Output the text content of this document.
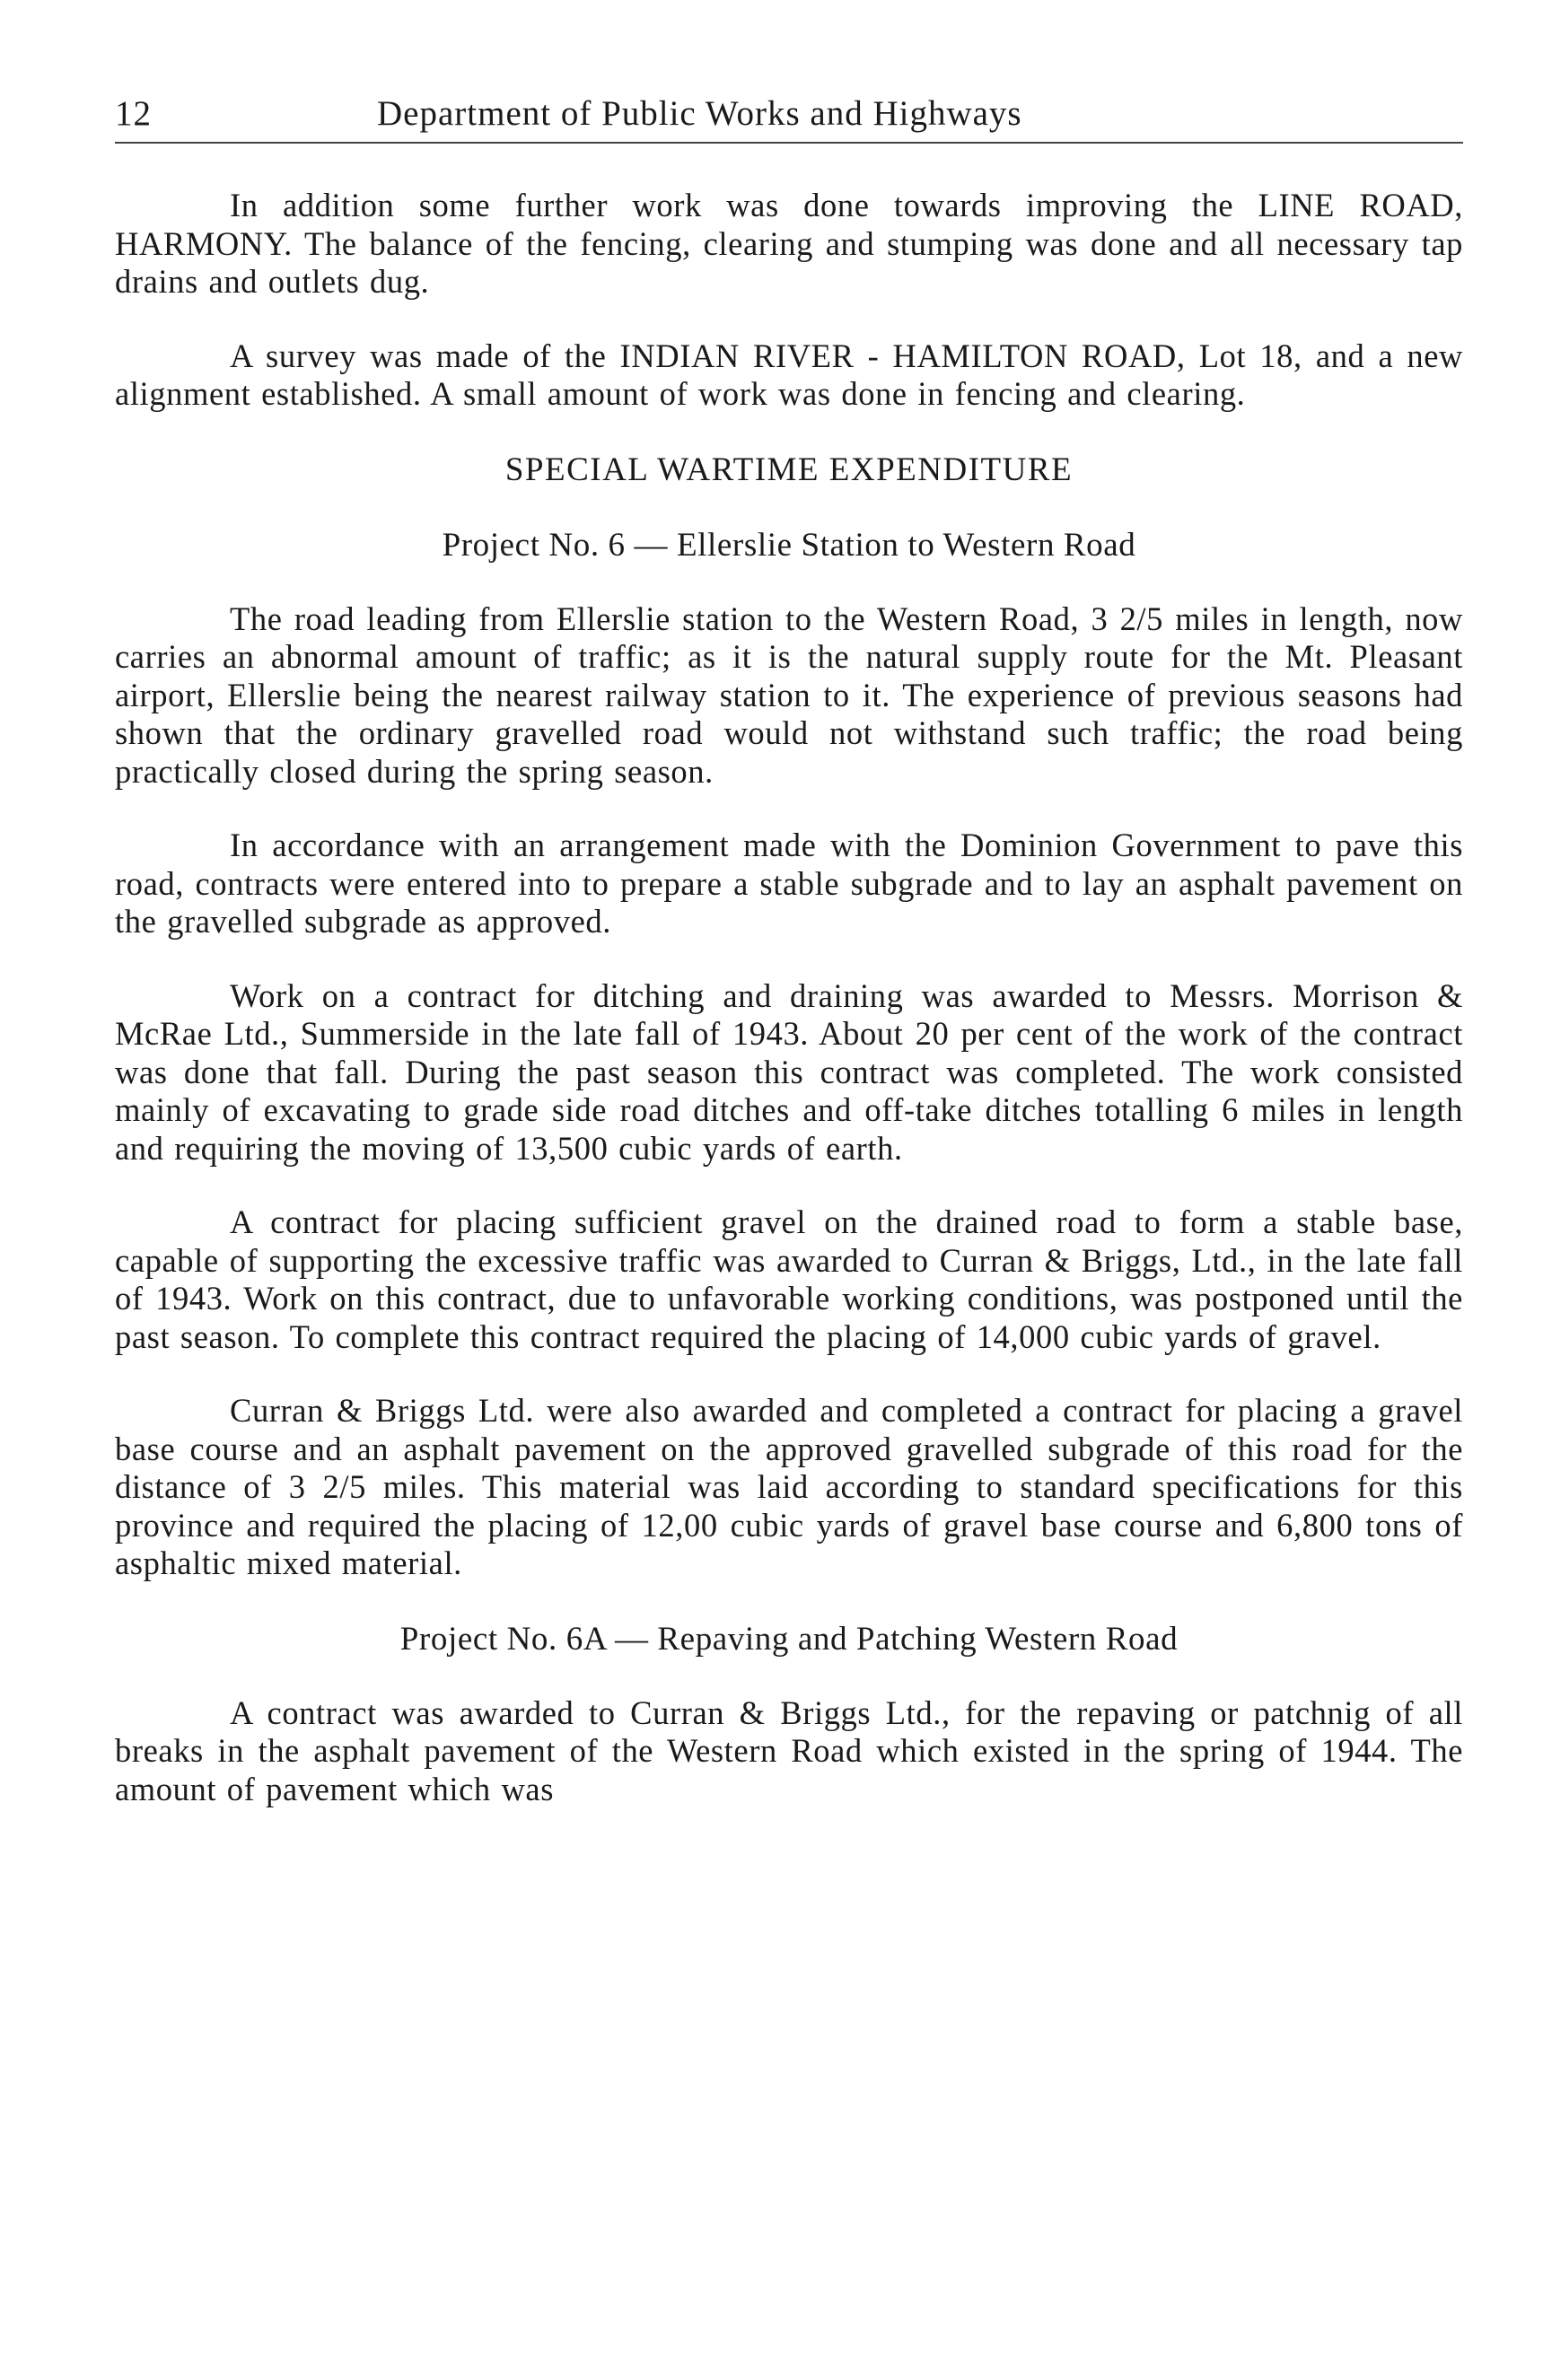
12	Department of Public Works and Highways

In addition some further work was done towards improving the LINE ROAD, HARMONY. The balance of the fencing, clearing and stumping was done and all necessary tap drains and outlets dug.

A survey was made of the INDIAN RIVER - HAMILTON ROAD, Lot 18, and a new alignment established. A small amount of work was done in fencing and clearing.

SPECIAL WARTIME EXPENDITURE
Project No. 6 — Ellerslie Station to Western Road

The road leading from Ellerslie station to the Western Road, 3 2/5 miles in length, now carries an abnormal amount of traffic; as it is the natural supply route for the Mt. Pleasant airport, Ellerslie being the nearest railway station to it. The experience of previous seasons had shown that the ordinary gravelled road would not withstand such traffic; the road being practically closed during the spring season.

In accordance with an arrangement made with the Dominion Government to pave this road, contracts were entered into to prepare a stable subgrade and to lay an asphalt pavement on the gravelled subgrade as approved.

Work on a contract for ditching and draining was awarded to Messrs. Morrison & McRae Ltd., Summerside in the late fall of 1943. About 20 per cent of the work of the contract was done that fall. During the past season this contract was completed. The work consisted mainly of excavating to grade side road ditches and off-take ditches totalling 6 miles in length and requiring the moving of 13,500 cubic yards of earth.

A contract for placing sufficient gravel on the drained road to form a stable base, capable of supporting the excessive traffic was awarded to Curran & Briggs, Ltd., in the late fall of 1943. Work on this contract, due to unfavorable working conditions, was postponed until the past season. To complete this contract required the placing of 14,000 cubic yards of gravel.

Curran & Briggs Ltd. were also awarded and completed a contract for placing a gravel base course and an asphalt pavement on the approved gravelled subgrade of this road for the distance of 3 2/5 miles. This material was laid according to standard specifications for this province and required the placing of 12,00 cubic yards of gravel base course and 6,800 tons of asphaltic mixed material.

Project No. 6A — Repaving and Patching Western Road

A contract was awarded to Curran & Briggs Ltd., for the repaving or patchnig of all breaks in the asphalt pavement of the Western Road which existed in the spring of 1944. The amount of pavement which was
